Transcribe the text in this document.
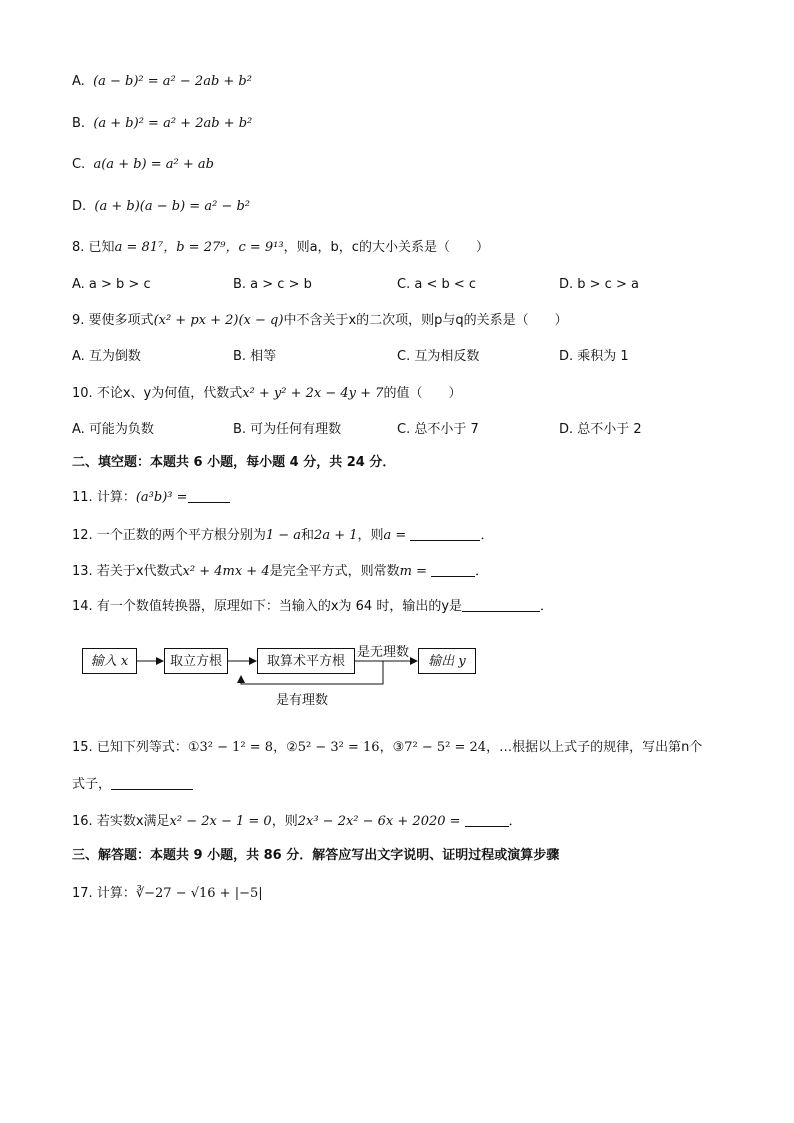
A. (a − b)² = a² − 2ab + b²
B. (a + b)² = a² + 2ab + b²
C. a(a + b) = a² + ab
D. (a + b)(a − b) = a² − b²
8. 已知a = 81⁷，b = 27⁹，c = 9¹³，则a，b，c的大小关系是（　　）
A. a > b > c	B. a > c > b	C. a < b < c	D. b > c > a
9. 要使多项式(x² + px + 2)(x − q)中不含关于x的二次项，则p与q的关系是（　　）
A. 互为倒数	B. 相等	C. 互为相反数	D. 乘积为 1
10. 不论x、y为何值，代数式x² + y² + 2x − 4y + 7的值（　　）
A. 可能为负数	B. 可为任何有理数	C. 总不小于 7	D. 总不小于 2
二、填空题：本题共 6 小题，每小题 4 分，共 24 分．
11. 计算：(a³b)³ =
12. 一个正数的两个平方根分别为1 − a和2a + 1，则a =	．
13. 若关于x代数式x² + 4mx + 4是完全平方式，则常数m =	．
14. 有一个数值转换器，原理如下：当输入的x为 64 时，输出的y是	．
输入 x	取立方根	取算术平方根	输出 y
是无理数
是有理数
15. 已知下列等式：①3² − 1² = 8，②5² − 3² = 16，③7² − 5² = 24，…根据以上式子的规律，写出第n个
式子，
16. 若实数x满足x² − 2x − 1 = 0，则2x³ − 2x² − 6x + 2020 =	．
三、解答题：本题共 9 小题，共 86 分．解答应写出文字说明、证明过程或演算步骤
17. 计算：∛−27 − √16 + |−5|
